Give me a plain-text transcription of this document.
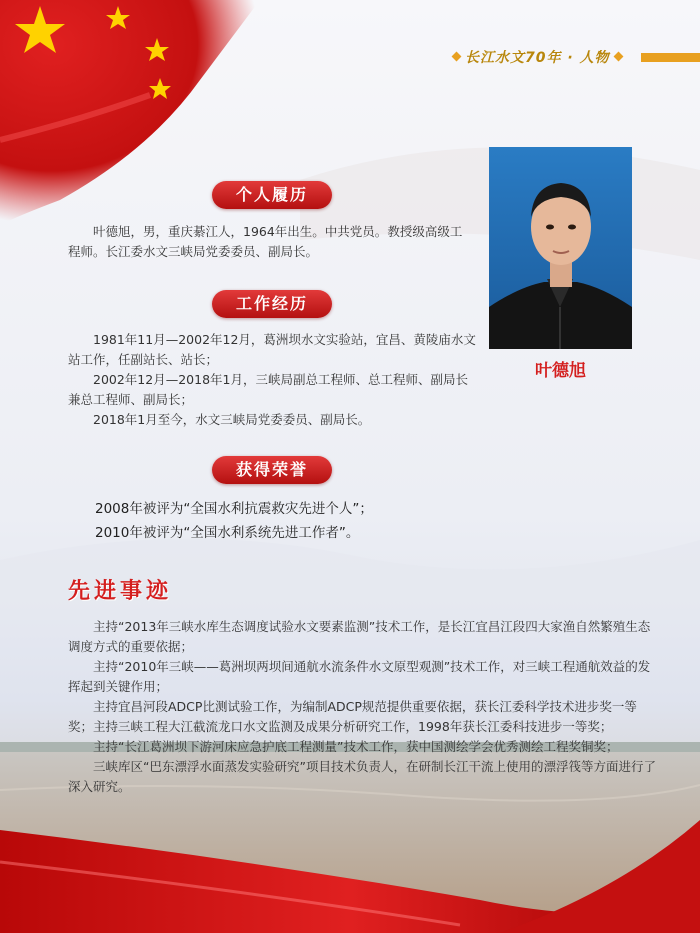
长江水文70年 · 人物
叶德旭
个人履历

叶德旭，男，重庆綦江人，1964年出生。中共党员。教授级高级工程师。长江委水文三峡局党委委员、副局长。

工作经历

1981年11月—2002年12月，葛洲坝水文实验站，宜昌、黄陵庙水文站工作，任副站长、站长；

2002年12月—2018年1月，三峡局副总工程师、总工程师、副局长兼总工程师、副局长；

2018年1月至今，水文三峡局党委委员、副局长。

获得荣誉

2008年被评为“全国水利抗震救灾先进个人”；

2010年被评为“全国水利系统先进工作者”。

先进事迹

主持“2013年三峡水库生态调度试验水文要素监测”技术工作，是长江宜昌江段四大家渔自然繁殖生态调度方式的重要依据；

主持“2010年三峡——葛洲坝两坝间通航水流条件水文原型观测”技术工作，对三峡工程通航效益的发挥起到关键作用；

主持宜昌河段ADCP比测试验工作，为编制ADCP规范提供重要依据，获长江委科学技术进步奖一等奖；主持三峡工程大江截流龙口水文监测及成果分析研究工作，1998年获长江委科技进步一等奖；

主持“长江葛洲坝下游河床应急护底工程测量”技术工作，获中国测绘学会优秀测绘工程奖铜奖；

三峡库区“巴东漂浮水面蒸发实验研究”项目技术负责人，在研制长江干流上使用的漂浮筏等方面进行了深入研究。
